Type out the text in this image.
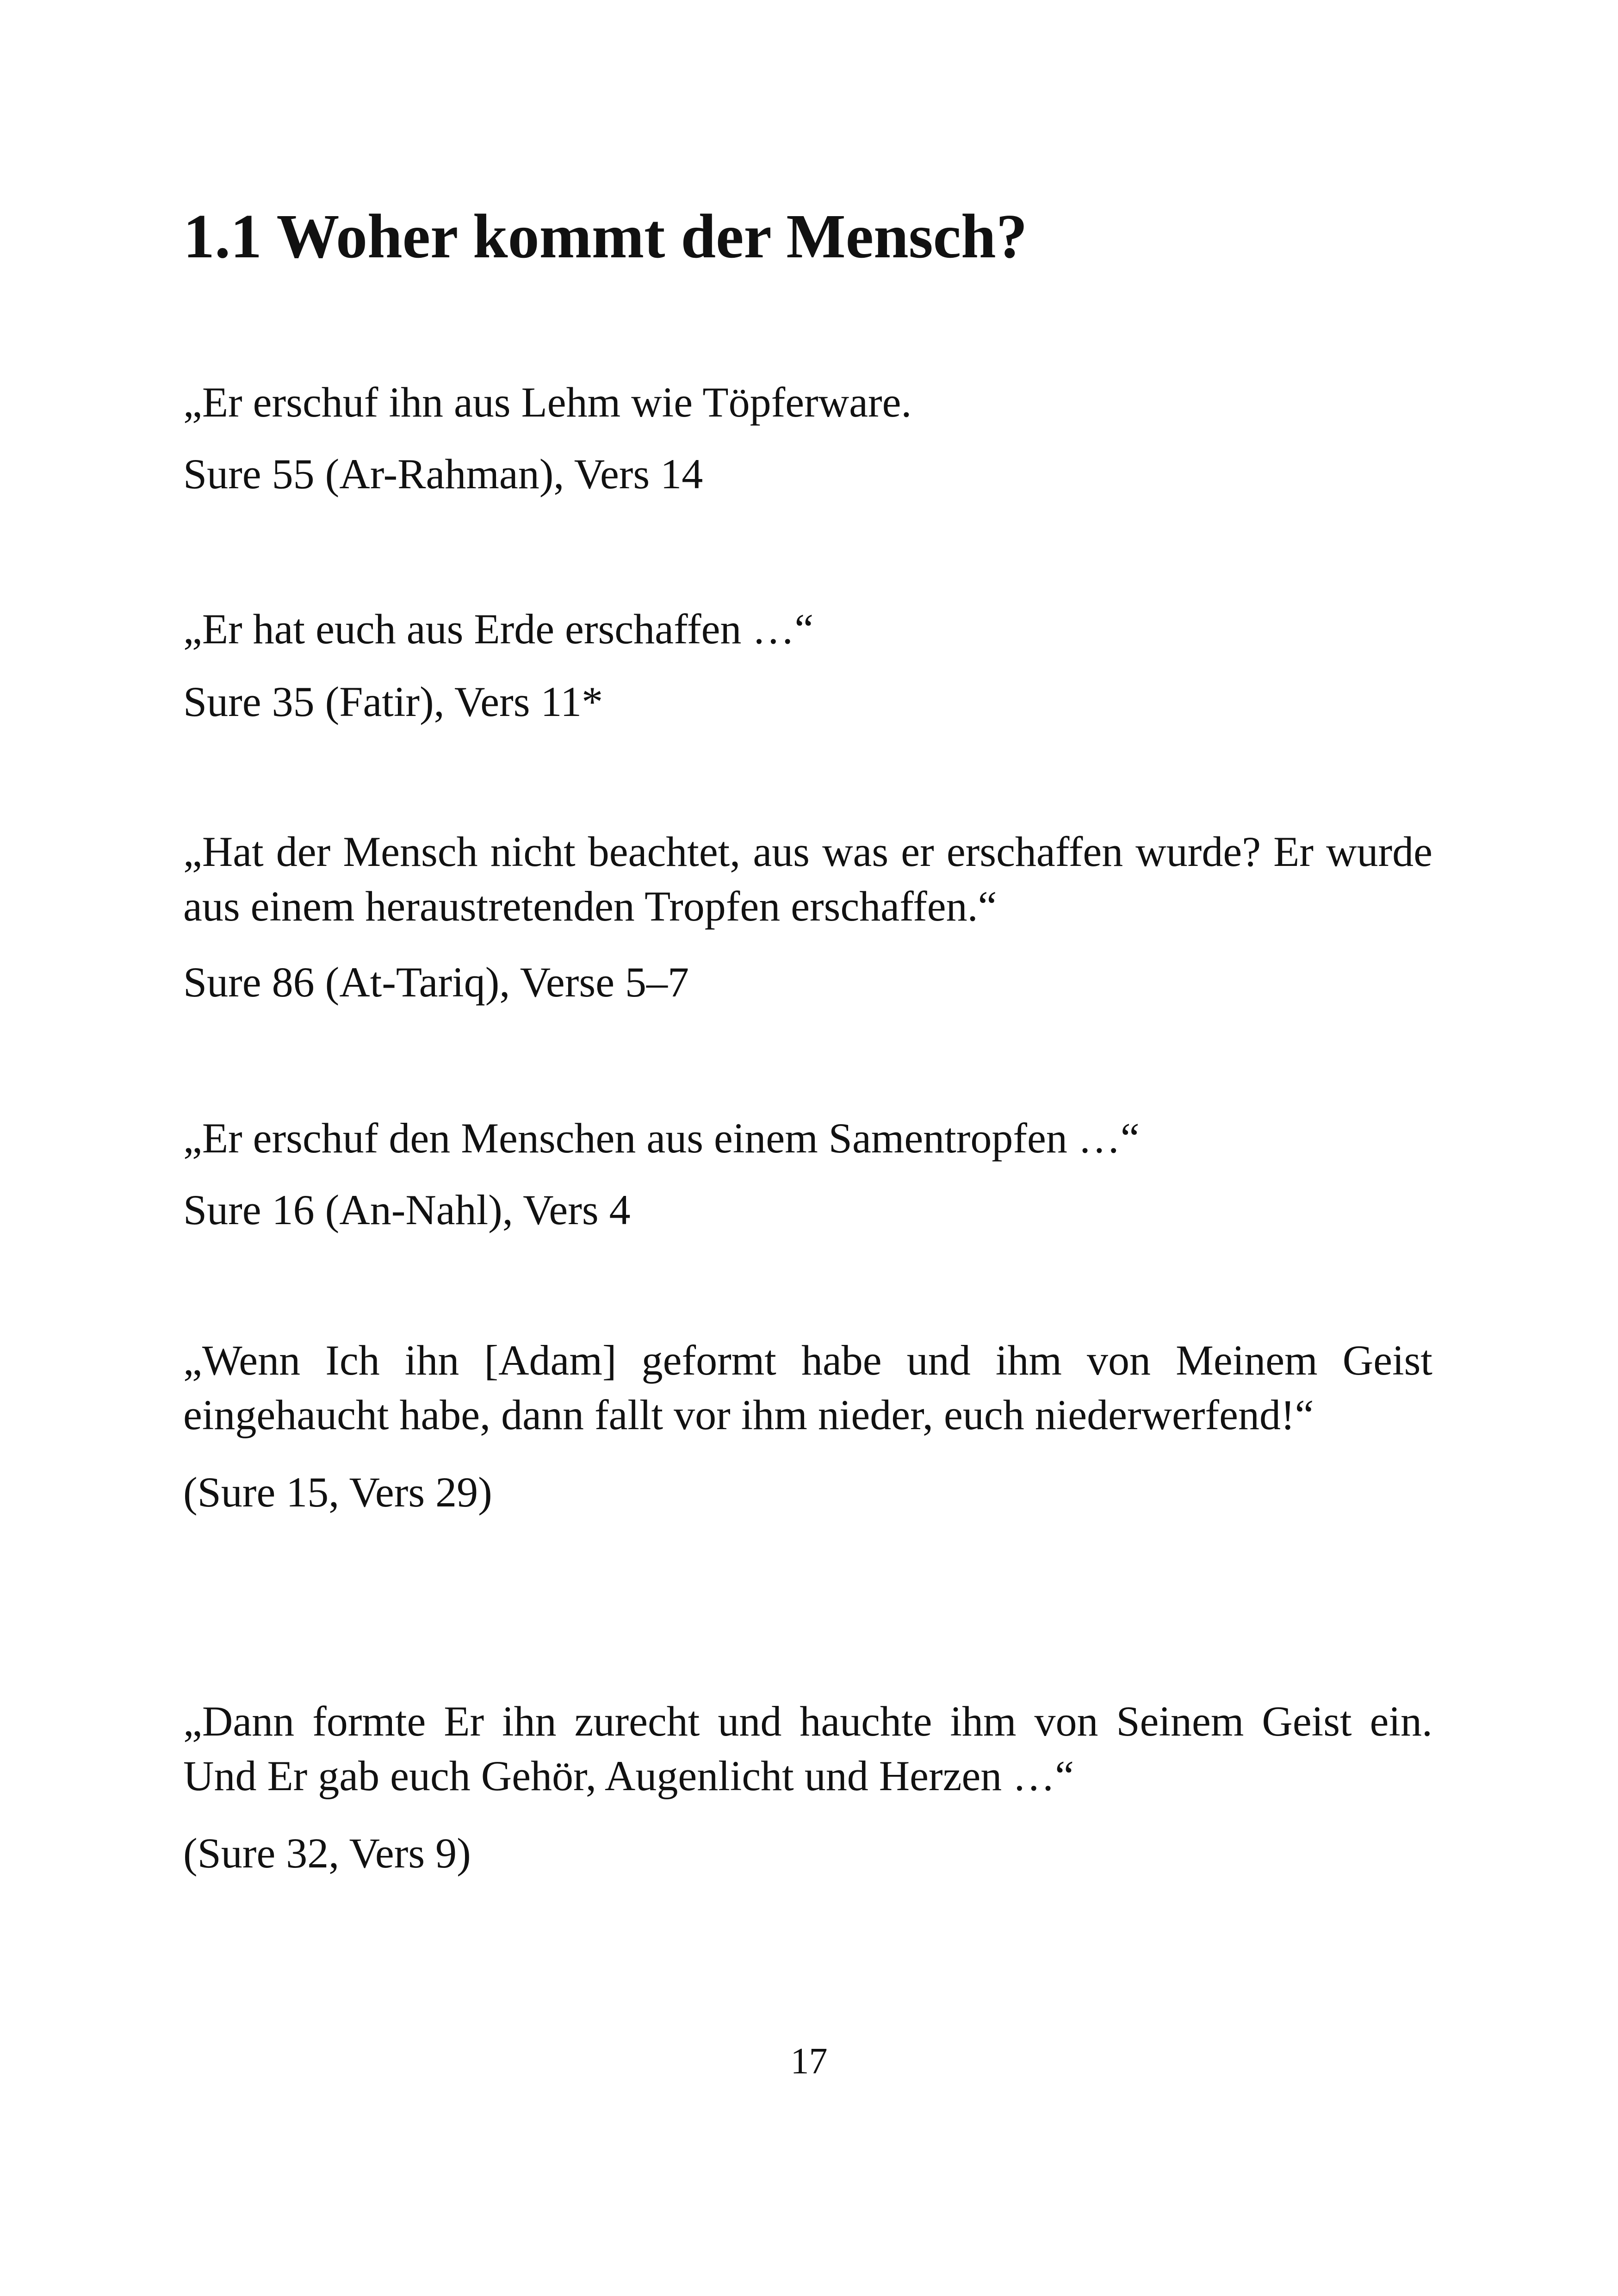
1.1 Woher kommt der Mensch?

„Er erschuf ihn aus Lehm wie Töpferware.

Sure 55 (Ar-Rahman), Vers 14

„Er hat euch aus Erde erschaffen …“

Sure 35 (Fatir), Vers 11*

„Hat der Mensch nicht beachtet, aus was er erschaffen wurde? Er wurde aus einem heraustretenden Tropfen erschaffen.“

Sure 86 (At-Tariq), Verse 5–7

„Er erschuf den Menschen aus einem Samentropfen …“

Sure 16 (An-Nahl), Vers 4

„Wenn Ich ihn [Adam] geformt habe und ihm von Meinem Geist eingehaucht habe, dann fallt vor ihm nieder, euch niederwerfend!“

(Sure 15, Vers 29)

„Dann formte Er ihn zurecht und hauchte ihm von Seinem Geist ein. Und Er gab euch Gehör, Augenlicht und Herzen …“

(Sure 32, Vers 9)

17
